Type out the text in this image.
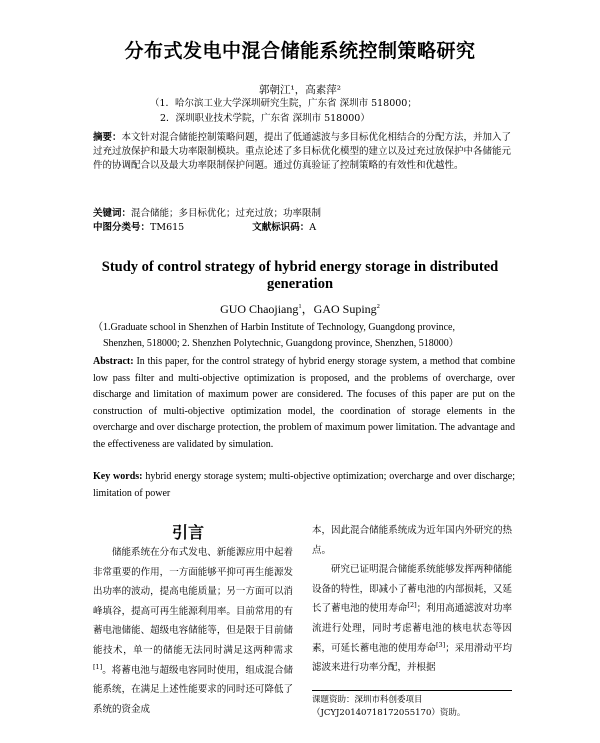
分布式发电中混合储能系统控制策略研究
郭朝江¹，高素萍²
（1．哈尔滨工业大学深圳研究生院，广东省 深圳市 518000；
2．深圳职业技术学院，广东省 深圳市 518000）
摘要：本文针对混合储能控制策略问题，提出了低通滤波与多目标优化相结合的分配方法，并加入了过充过放保护和最大功率限制模块。重点论述了多目标优化模型的建立以及过充过放保护中各储能元件的协调配合以及最大功率限制保护问题。通过仿真验证了控制策略的有效性和优越性。
关键词：混合储能；多目标优化；过充过放；功率限制
中图分类号：TM615	文献标识码：A
Study of control strategy of hybrid energy storage in distributed generation
GUO Chaojiang$^1$，GAO Suping$^2$
（1.Graduate school in Shenzhen of Harbin Institute of Technology, Guangdong province,
Shenzhen, 518000; 2. Shenzhen Polytechnic, Guangdong province, Shenzhen, 518000）
Abstract: In this paper, for the control strategy of hybrid energy storage system, a method that combine low pass filter and multi-objective optimization is proposed, and the problems of overcharge, over discharge and limitation of maximum power are considered. The focuses of this paper are put on the construction of multi-objective optimization model, the coordination of storage elements in the overcharge and over discharge protection, the problem of maximum power limitation. The advantage and the effectiveness are validated by simulation.
Key words: hybrid energy storage system; multi-objective optimization; overcharge and over discharge; limitation of power
引言
储能系统在分布式发电、新能源应用中起着非常重要的作用，一方面能够平抑可再生能源发出功率的波动，提高电能质量；另一方面可以消峰填谷，提高可再生能源利用率。目前常用的有蓄电池储能、超级电容储能等，但是限于目前储能技术，单一的储能无法同时满足这两种需求[1]。将蓄电池与超级电容同时使用，组成混合储能系统，在满足上述性能要求的同时还可降低了系统的资金成
本，因此混合储能系统成为近年国内外研究的热点。
研究已证明混合储能系统能够发挥两种储能设备的特性，即减小了蓄电池的内部损耗，又延长了蓄电池的使用寿命[2]；利用高通滤波对功率流进行处理，同时考虑蓄电池的核电状态等因素，可延长蓄电池的使用寿命[3]；采用滑动平均滤波来进行功率分配，并根据
课题资助：深圳市科创委项目（JCYJ20140718172055170）资助。
